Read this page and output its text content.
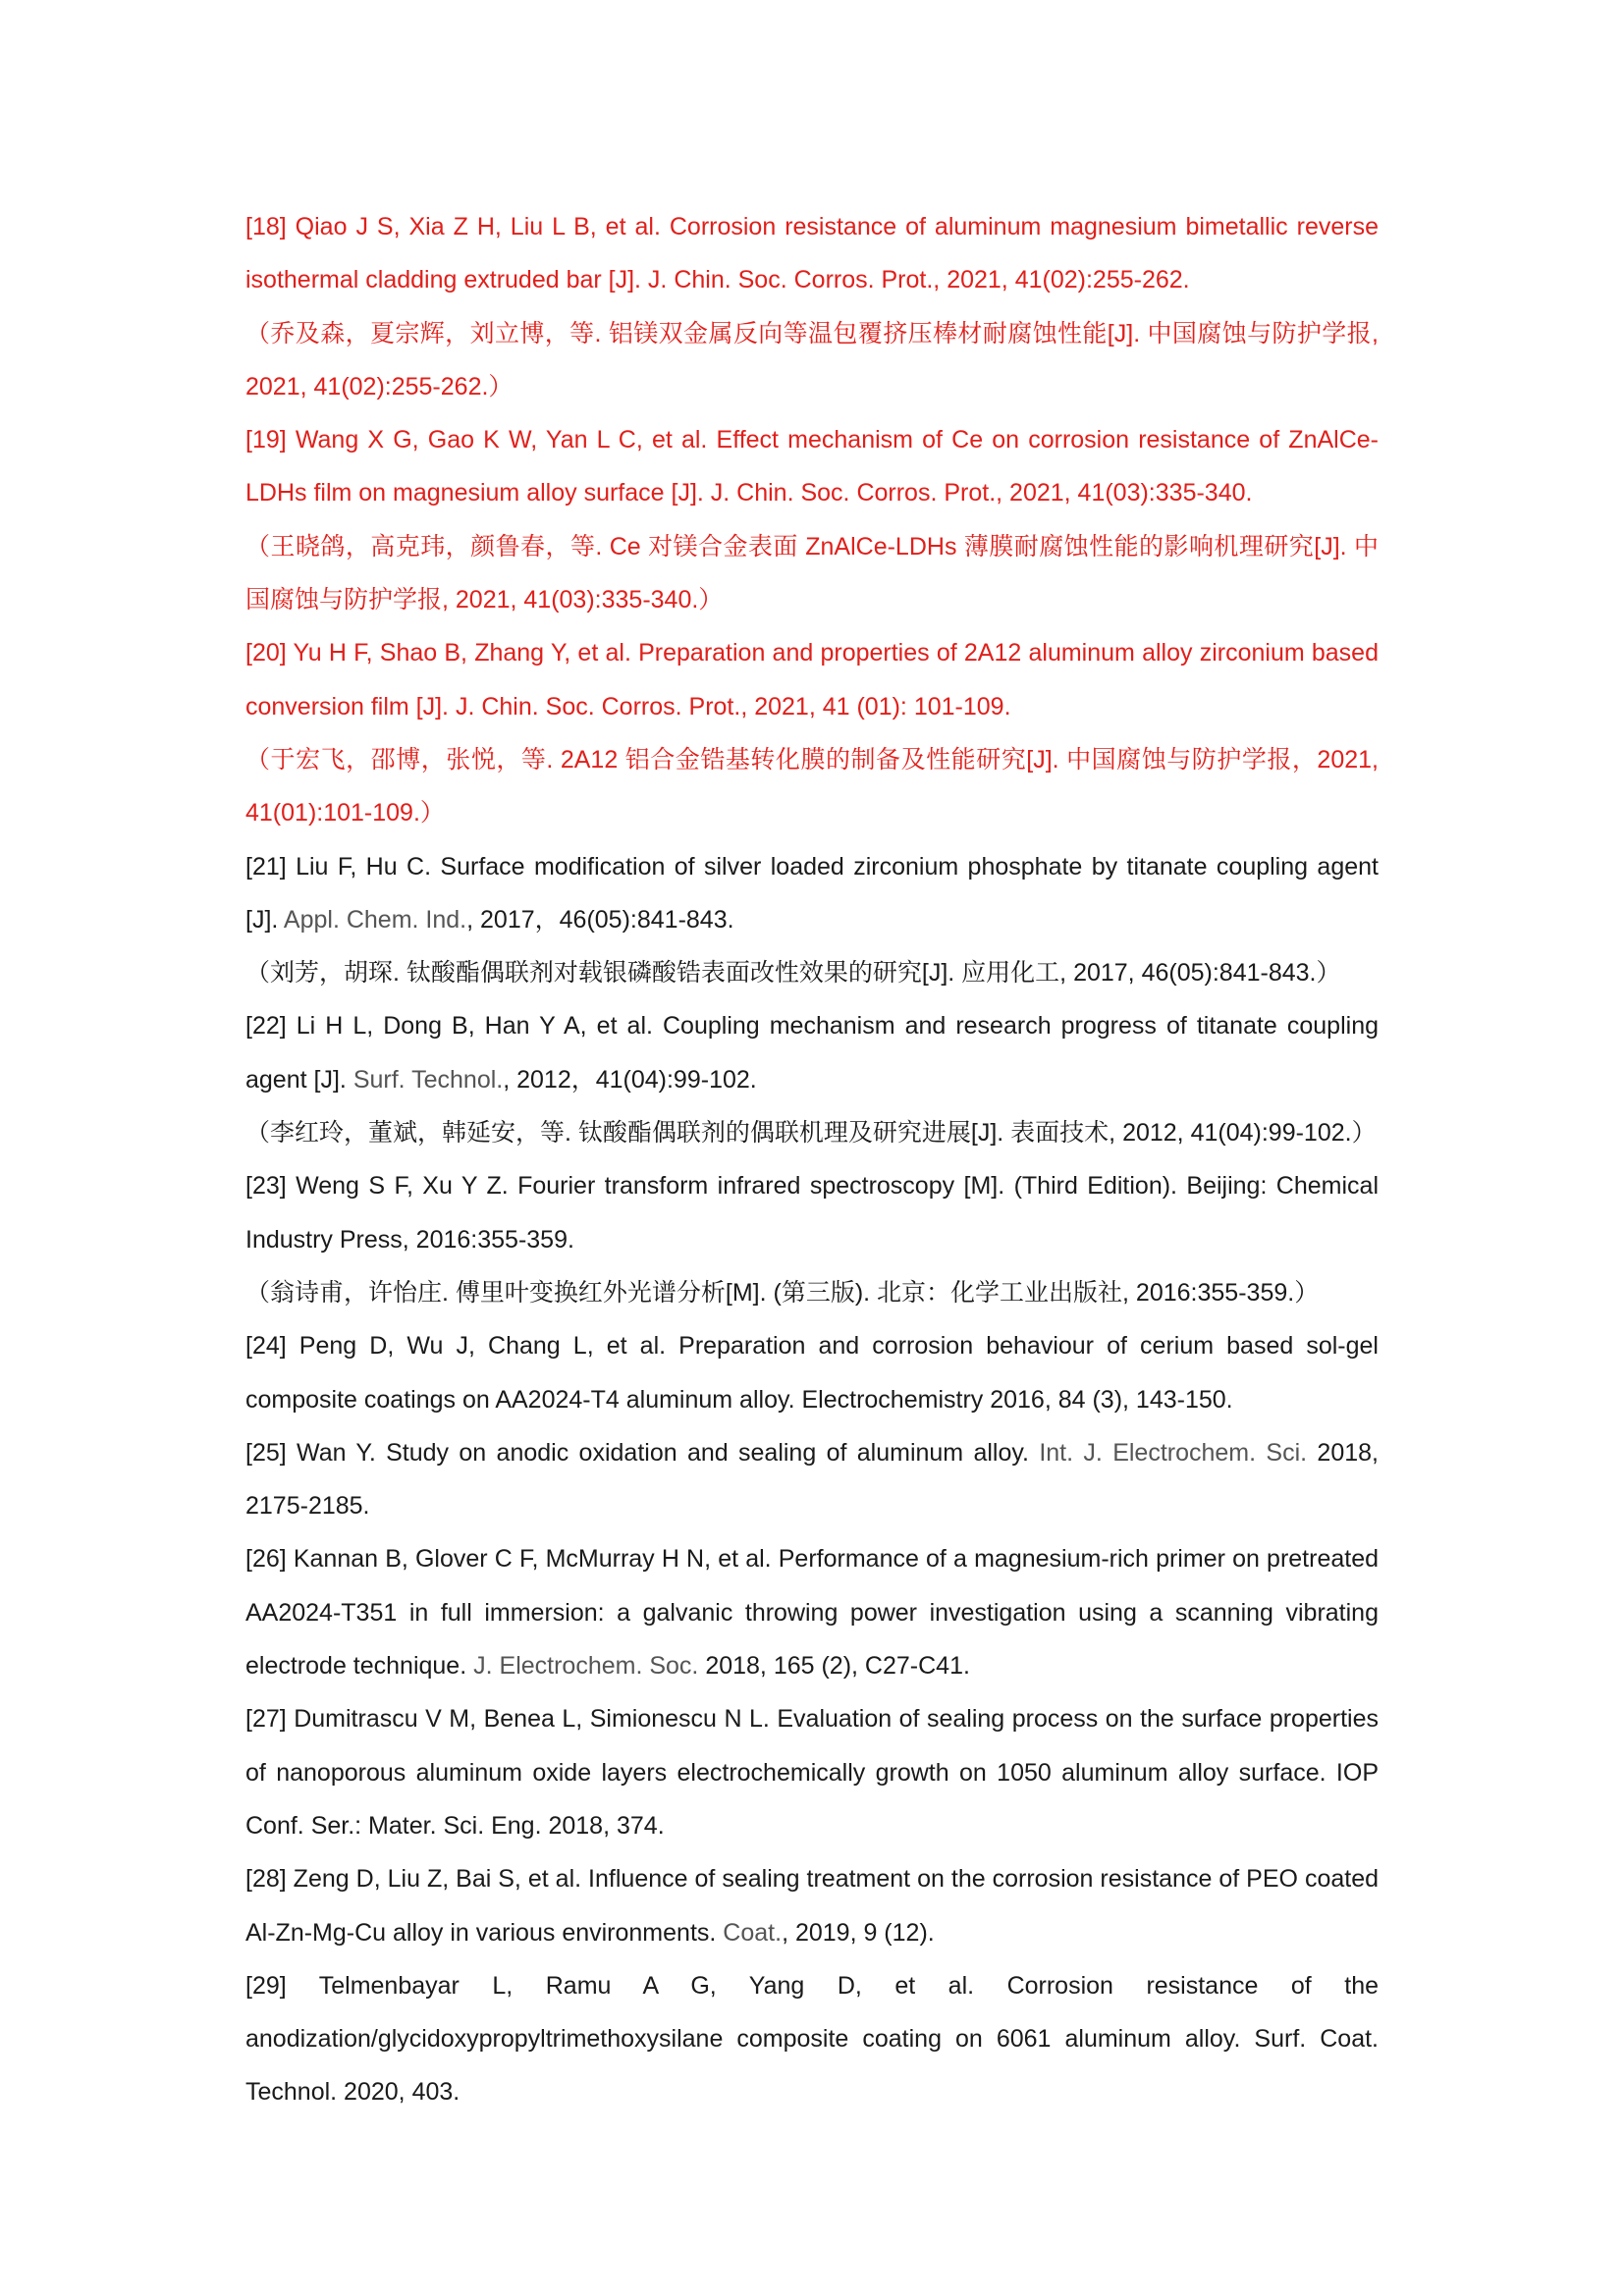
[18] Qiao J S, Xia Z H, Liu L B, et al. Corrosion resistance of aluminum magnesium bimetallic reverse isothermal cladding extruded bar [J]. J. Chin. Soc. Corros. Prot., 2021, 41(02):255-262.
（乔及森，夏宗辉，刘立博，等. 铝镁双金属反向等温包覆挤压棒材耐腐蚀性能[J]. 中国腐蚀与防护学报, 2021, 41(02):255-262.）

[19] Wang X G, Gao K W, Yan L C, et al. Effect mechanism of Ce on corrosion resistance of ZnAlCe-LDHs film on magnesium alloy surface [J]. J. Chin. Soc. Corros. Prot., 2021, 41(03):335-340.
（王晓鸽，高克玮，颜鲁春，等. Ce 对镁合金表面 ZnAlCe-LDHs 薄膜耐腐蚀性能的影响机理研究[J]. 中国腐蚀与防护学报, 2021, 41(03):335-340.）

[20] Yu H F, Shao B, Zhang Y, et al. Preparation and properties of 2A12 aluminum alloy zirconium based conversion film [J]. J. Chin. Soc. Corros. Prot., 2021, 41 (01): 101-109.
（于宏飞，邵博，张悦，等. 2A12 铝合金锆基转化膜的制备及性能研究[J]. 中国腐蚀与防护学报，2021, 41(01):101-109.）

[21] Liu F, Hu C. Surface modification of silver loaded zirconium phosphate by titanate coupling agent [J]. Appl. Chem. Ind., 2017，46(05):841-843.
（刘芳，胡琛. 钛酸酯偶联剂对载银磷酸锆表面改性效果的研究[J]. 应用化工, 2017, 46(05):841-843.）

[22] Li H L, Dong B, Han Y A, et al. Coupling mechanism and research progress of titanate coupling agent [J]. Surf. Technol., 2012，41(04):99-102.
（李红玲，董斌，韩延安，等. 钛酸酯偶联剂的偶联机理及研究进展[J]. 表面技术, 2012, 41(04):99-102.）

[23] Weng S F, Xu Y Z. Fourier transform infrared spectroscopy [M]. (Third Edition). Beijing: Chemical Industry Press, 2016:355-359.
（翁诗甫，许怡庄. 傅里叶变换红外光谱分析[M]. (第三版). 北京：化学工业出版社, 2016:355-359.）

[24] Peng D, Wu J, Chang L, et al. Preparation and corrosion behaviour of cerium based sol-gel composite coatings on AA2024-T4 aluminum alloy. Electrochemistry 2016, 84 (3), 143-150.

[25] Wan Y. Study on anodic oxidation and sealing of aluminum alloy. Int. J. Electrochem. Sci. 2018, 2175-2185.

[26] Kannan B, Glover C F, McMurray H N, et al. Performance of a magnesium-rich primer on pretreated AA2024-T351 in full immersion: a galvanic throwing power investigation using a scanning vibrating electrode technique. J. Electrochem. Soc. 2018, 165 (2), C27-C41.

[27] Dumitrascu V M, Benea L, Simionescu N L. Evaluation of sealing process on the surface properties of nanoporous aluminum oxide layers electrochemically growth on 1050 aluminum alloy surface. IOP Conf. Ser.: Mater. Sci. Eng. 2018, 374.

[28] Zeng D, Liu Z, Bai S, et al. Influence of sealing treatment on the corrosion resistance of PEO coated Al-Zn-Mg-Cu alloy in various environments. Coat., 2019, 9 (12).

[29] Telmenbayar L, Ramu A G, Yang D, et al. Corrosion resistance of the anodization/glycidoxypropyltrimethoxysilane composite coating on 6061 aluminum alloy. Surf. Coat. Technol. 2020, 403.
